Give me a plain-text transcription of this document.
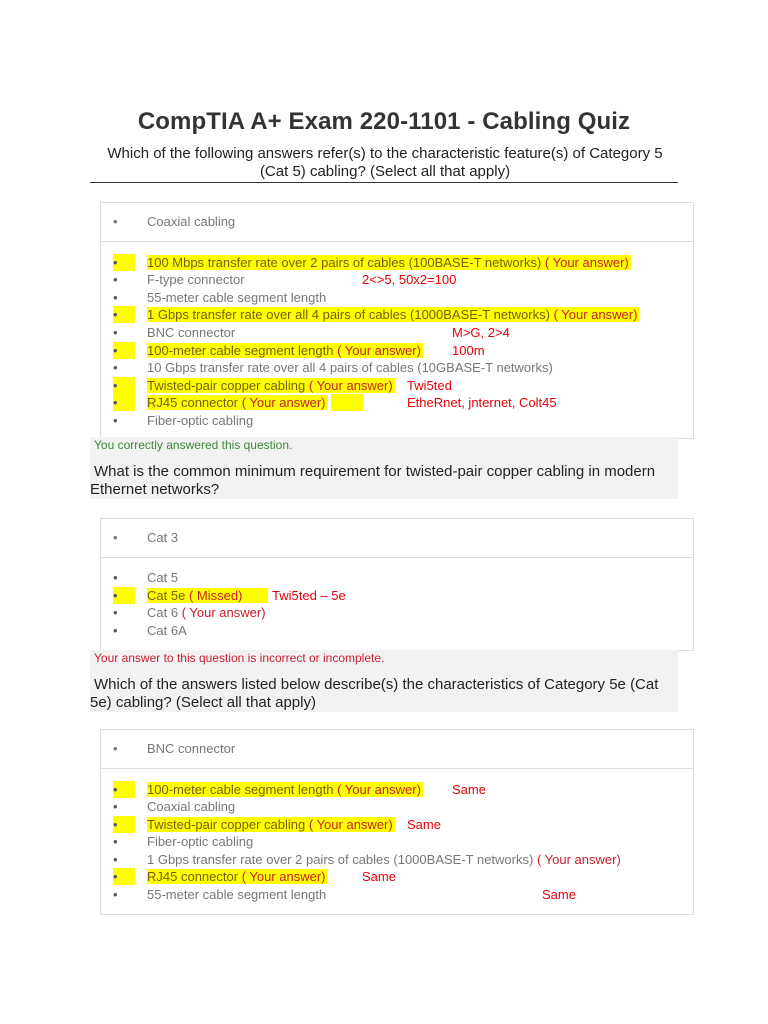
CompTIA A+ Exam 220-1101 - Cabling Quiz
Which of the following answers refer(s) to the characteristic feature(s) of Category 5 (Cat 5) cabling? (Select all that apply)
• Coaxial cabling
• 100 Mbps transfer rate over 2 pairs of cables (100BASE-T networks) ( Your answer)
• F-type connector	2<>5, 50x2=100
• 55-meter cable segment length
• 1 Gbps transfer rate over all 4 pairs of cables (1000BASE-T networks) ( Your answer)
• BNC connector	M>G, 2>4
• 100-meter cable segment length ( Your answer) 100m
• 10 Gbps transfer rate over all 4 pairs of cables (10GBASE-T networks)
• Twisted-pair copper cabling ( Your answer) Twi5ted
• RJ45 connector ( Your answer)	EtheRnet, jnternet, Colt45
• Fiber-optic cabling
You correctly answered this question.
What is the common minimum requirement for twisted-pair copper cabling in modern Ethernet networks?
• Cat 3
• Cat 5
• Cat 5e ( Missed)	Twi5ted – 5e
• Cat 6 ( Your answer)
• Cat 6A
Your answer to this question is incorrect or incomplete.
Which of the answers listed below describe(s) the characteristics of Category 5e (Cat 5e) cabling? (Select all that apply)
• BNC connector
• 100-meter cable segment length ( Your answer) Same
• Coaxial cabling
• Twisted-pair copper cabling ( Your answer) Same
• Fiber-optic cabling
• 1 Gbps transfer rate over 2 pairs of cables (1000BASE-T networks) ( Your answer)
• RJ45 connector ( Your answer)	Same
• 55-meter cable segment length	Same
